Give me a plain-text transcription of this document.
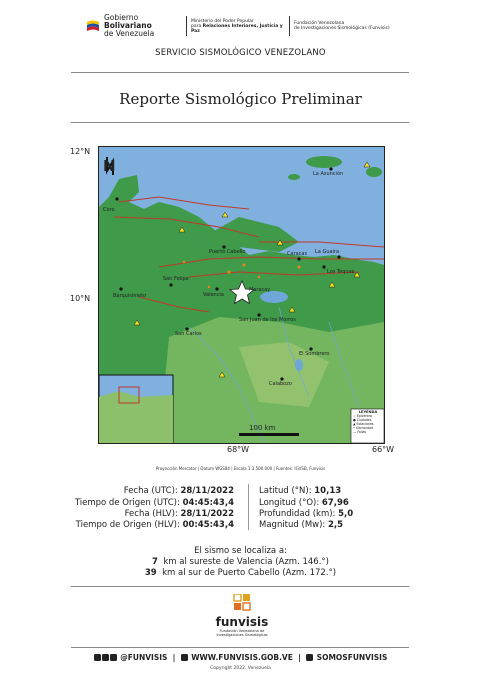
Gobierno Bolivariano
de Venezuela
Ministerio del Poder Popular
para Relaciones Interiores, Justicia y Paz
Fundación Venezolana
de Investigaciones Sismológicas (Funvisis)
SERVICIO SISMOLÓGICO VENEZOLANO
Reporte Sismológico Preliminar
12°N
10°N
68°W	66°W
N
Coro
Barquisimeto
San Felipe
Valencia
San Carlos
San Juan de los Morros
Caracas La Guaira
Los Teques
La Asunción
El Sombrero
Calabozo
Puerto Cabello
Maracay
100 km
LEYENDA
☆ Epicentro
● Ciudades
▲ Estaciones
• Sismicidad
— Fallas
Proyección Mercator | Datum WGS84 | Escala 1:3.500.000 | Fuentes: IGVSB, Funvisis
Fecha (UTC): 28/11/2022
Tiempo de Origen (UTC): 04:45:43,4
Fecha (HLV): 28/11/2022
Tiempo de Origen (HLV): 00:45:43,4
Latitud (°N): 10,13
Longitud (°O): 67,96
Profundidad (km): 5,0
Magnitud (Mw): 2,5
El sismo se localiza a:
7 km al sureste de Valencia (Azm. 146.°)
39 km al sur de Puerto Cabello (Azm. 172.°)
funvisis
Fundación Venezolana de Investigaciones Sismológicas
@FUNVISIS  |   WWW.FUNVISIS.GOB.VE  |   SOMOSFUNVISIS
Copyright 2022. Venezuela
